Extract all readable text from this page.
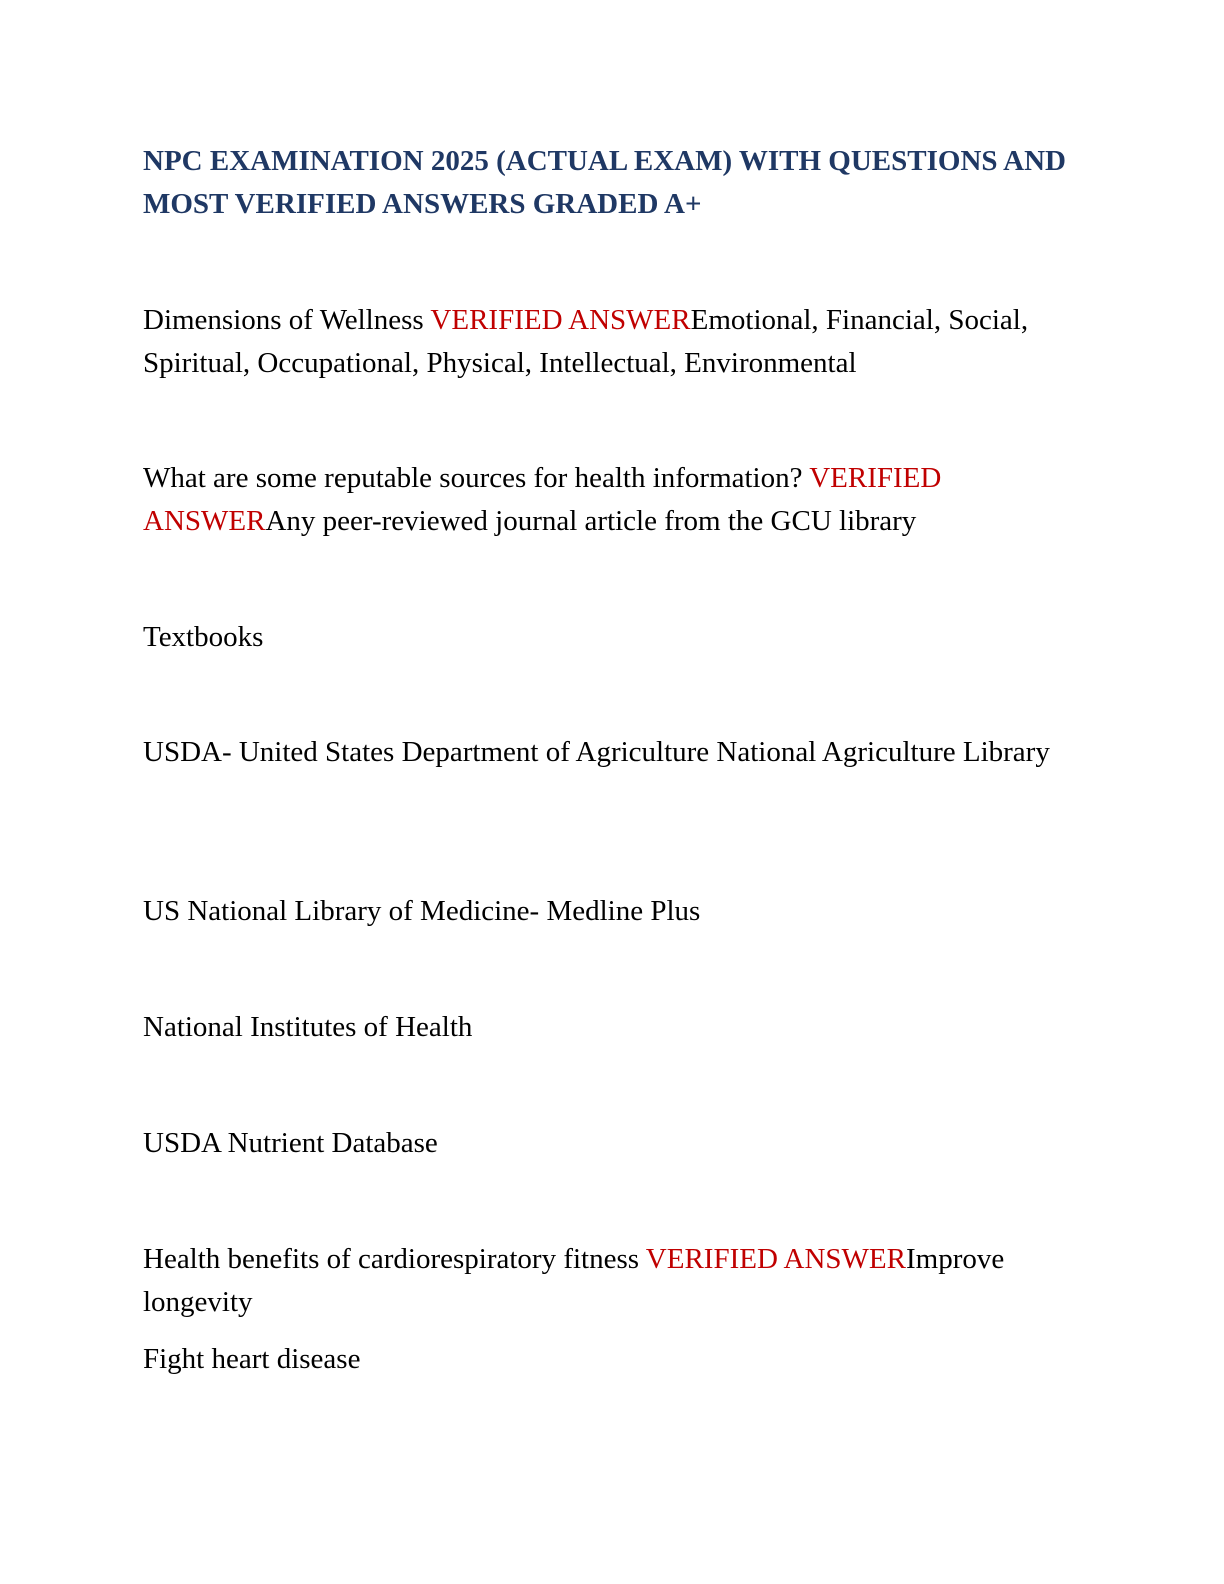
NPC EXAMINATION 2025 (ACTUAL EXAM) WITH QUESTIONS AND MOST VERIFIED ANSWERS GRADED A+

Dimensions of Wellness VERIFIED ANSWEREmotional, Financial, Social, Spiritual, Occupational, Physical, Intellectual, Environmental

What are some reputable sources for health information? VERIFIED ANSWERAny peer-reviewed journal article from the GCU library

Textbooks

USDA- United States Department of Agriculture National Agriculture Library

US National Library of Medicine- Medline Plus

National Institutes of Health

USDA Nutrient Database

Health benefits of cardiorespiratory fitness VERIFIED ANSWERImprove longevity

Fight heart disease
